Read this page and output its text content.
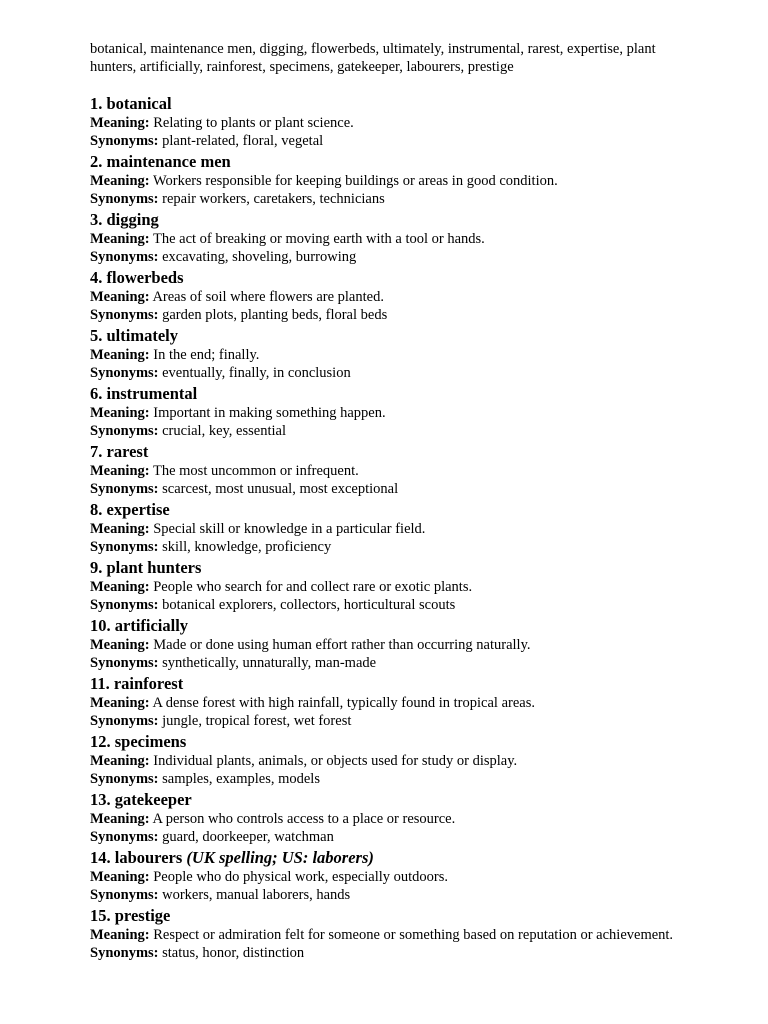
botanical, maintenance men, digging, flowerbeds, ultimately, instrumental, rarest, expertise, plant hunters, artificially, rainforest, specimens, gatekeeper, labourers, prestige

1. botanical

Meaning: Relating to plants or plant science.

Synonyms: plant-related, floral, vegetal

2. maintenance men

Meaning: Workers responsible for keeping buildings or areas in good condition.

Synonyms: repair workers, caretakers, technicians

3. digging

Meaning: The act of breaking or moving earth with a tool or hands.

Synonyms: excavating, shoveling, burrowing

4. flowerbeds

Meaning: Areas of soil where flowers are planted.

Synonyms: garden plots, planting beds, floral beds

5. ultimately

Meaning: In the end; finally.

Synonyms: eventually, finally, in conclusion

6. instrumental

Meaning: Important in making something happen.

Synonyms: crucial, key, essential

7. rarest

Meaning: The most uncommon or infrequent.

Synonyms: scarcest, most unusual, most exceptional

8. expertise

Meaning: Special skill or knowledge in a particular field.

Synonyms: skill, knowledge, proficiency

9. plant hunters

Meaning: People who search for and collect rare or exotic plants.

Synonyms: botanical explorers, collectors, horticultural scouts

10. artificially

Meaning: Made or done using human effort rather than occurring naturally.

Synonyms: synthetically, unnaturally, man-made

11. rainforest

Meaning: A dense forest with high rainfall, typically found in tropical areas.

Synonyms: jungle, tropical forest, wet forest

12. specimens

Meaning: Individual plants, animals, or objects used for study or display.

Synonyms: samples, examples, models

13. gatekeeper

Meaning: A person who controls access to a place or resource.

Synonyms: guard, doorkeeper, watchman

14. labourers (UK spelling; US: laborers)

Meaning: People who do physical work, especially outdoors.

Synonyms: workers, manual laborers, hands

15. prestige

Meaning: Respect or admiration felt for someone or something based on reputation or achievement.

Synonyms: status, honor, distinction
